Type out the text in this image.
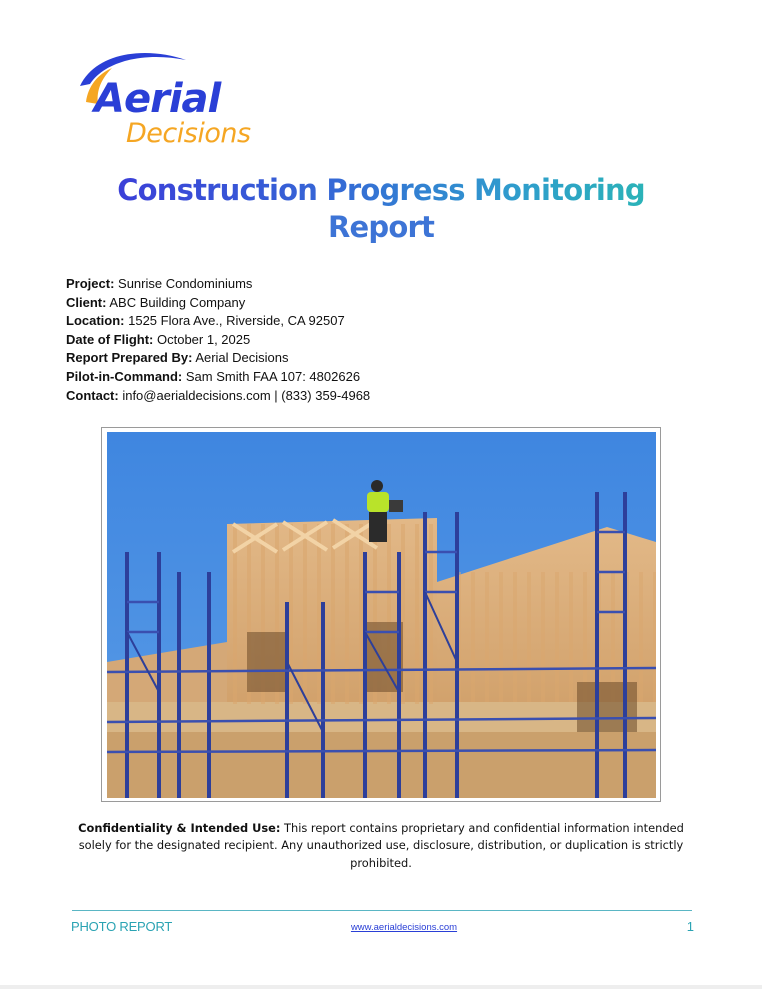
Aerial
Decisions
Construction Progress Monitoring
Report
Project: Sunrise Condominiums
Client: ABC Building Company
Location: 1525 Flora Ave., Riverside, CA 92507
Date of Flight: October 1, 2025
Report Prepared By: Aerial Decisions
Pilot-in-Command: Sam Smith FAA 107: 4802626
Contact: info@aerialdecisions.com | (833) 359-4968
Confidentiality & Intended Use: This report contains proprietary and confidential information intended solely for the designated recipient. Any unauthorized use, disclosure, distribution, or duplication is strictly prohibited.
PHOTO REPORT	www.aerialdecisions.com	1
